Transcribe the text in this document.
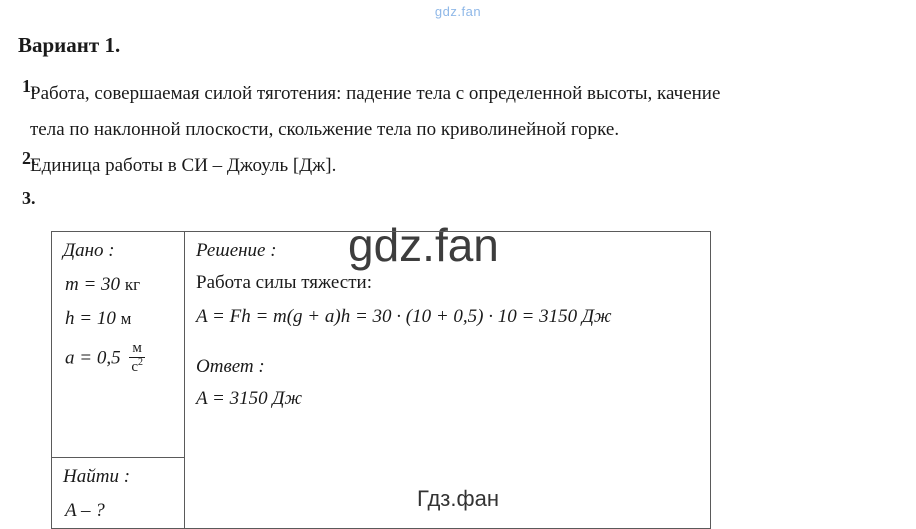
gdz.fan
Вариант 1.
1.
Работа, совершаемая силой тяготения: падение тела с определенной высоты, качение
тела по наклонной плоскости, скольжение тела по криволинейной горке.
2.
Единица работы в СИ – Джоуль [Дж].
3.
gdz.fan
Дано :
m = 30 кг
h = 10 м
$a = 0,5 \frac{м}{с^2}$

Решение :
Работа силы тяжести:
A = Fh = m(g + a)h = 30 · (10 + 0,5) · 10 = 3150 Дж
Ответ :
A = 3150 Дж

Найти :
A – ?	Гдз.фан
